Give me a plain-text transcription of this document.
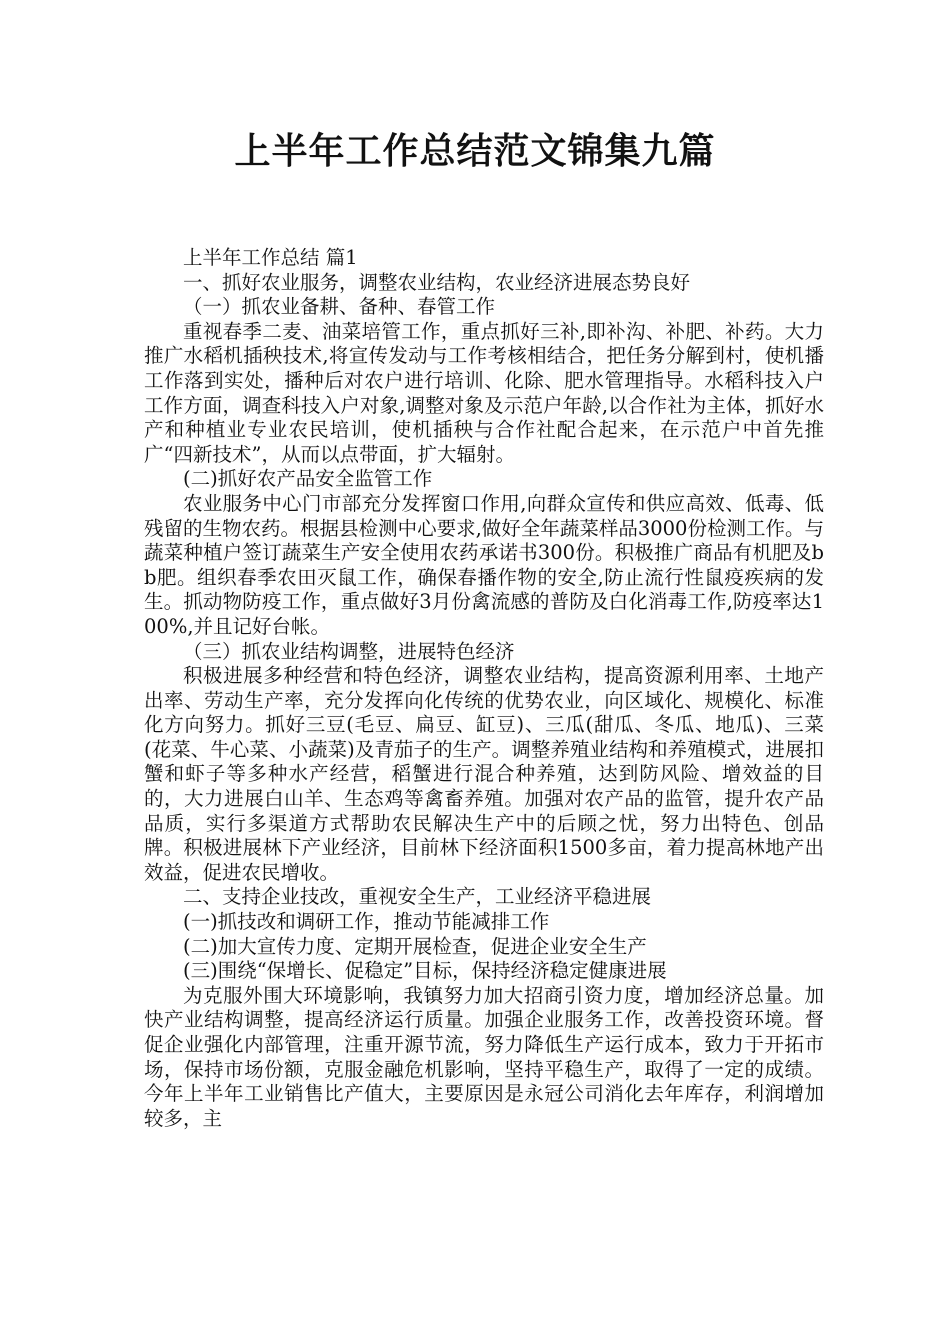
上半年工作总结范文锦集九篇

上半年工作总结 篇1

一、抓好农业服务，调整农业结构，农业经济进展态势良好

（一）抓农业备耕、备种、春管工作

重视春季二麦、油菜培管工作，重点抓好三补,即补沟、补肥、补药。大力推广水稻机插秧技术,将宣传发动与工作考核相结合，把任务分解到村，使机播工作落到实处，播种后对农户进行培训、化除、肥水管理指导。水稻科技入户工作方面，调查科技入户对象,调整对象及示范户年龄,以合作社为主体，抓好水产和种植业专业农民培训，使机插秧与合作社配合起来，在示范户中首先推广“四新技术”，从而以点带面，扩大辐射。

(二)抓好农产品安全监管工作

农业服务中心门市部充分发挥窗口作用,向群众宣传和供应高效、低毒、低残留的生物农药。根据县检测中心要求,做好全年蔬菜样品3000份检测工作。与蔬菜种植户签订蔬菜生产安全使用农药承诺书300份。积极推广商品有机肥及bb肥。组织春季农田灭鼠工作，确保春播作物的安全,防止流行性鼠疫疾病的发生。抓动物防疫工作，重点做好3月份禽流感的普防及白化消毒工作,防疫率达100%,并且记好台帐。

（三）抓农业结构调整，进展特色经济

积极进展多种经营和特色经济，调整农业结构，提高资源利用率、土地产出率、劳动生产率，充分发挥向化传统的优势农业，向区域化、规模化、标准化方向努力。抓好三豆(毛豆、扁豆、缸豆)、三瓜(甜瓜、冬瓜、地瓜)、三菜(花菜、牛心菜、小蔬菜)及青茄子的生产。调整养殖业结构和养殖模式，进展扣蟹和虾子等多种水产经营，稻蟹进行混合种养殖，达到防风险、增效益的目的，大力进展白山羊、生态鸡等禽畜养殖。加强对农产品的监管，提升农产品品质，实行多渠道方式帮助农民解决生产中的后顾之忧，努力出特色、创品牌。积极进展林下产业经济，目前林下经济面积1500多亩，着力提高林地产出效益，促进农民增收。

二、支持企业技改，重视安全生产，工业经济平稳进展

(一)抓技改和调研工作，推动节能减排工作

(二)加大宣传力度、定期开展检查，促进企业安全生产

(三)围绕“保增长、促稳定”目标，保持经济稳定健康进展

为克服外围大环境影响，我镇努力加大招商引资力度，增加经济总量。加快产业结构调整，提高经济运行质量。加强企业服务工作，改善投资环境。督促企业强化内部管理，注重开源节流，努力降低生产运行成本，致力于开拓市场，保持市场份额，克服金融危机影响，坚持平稳生产，取得了一定的成绩。今年上半年工业销售比产值大，主要原因是永冠公司消化去年库存，利润增加较多，主
